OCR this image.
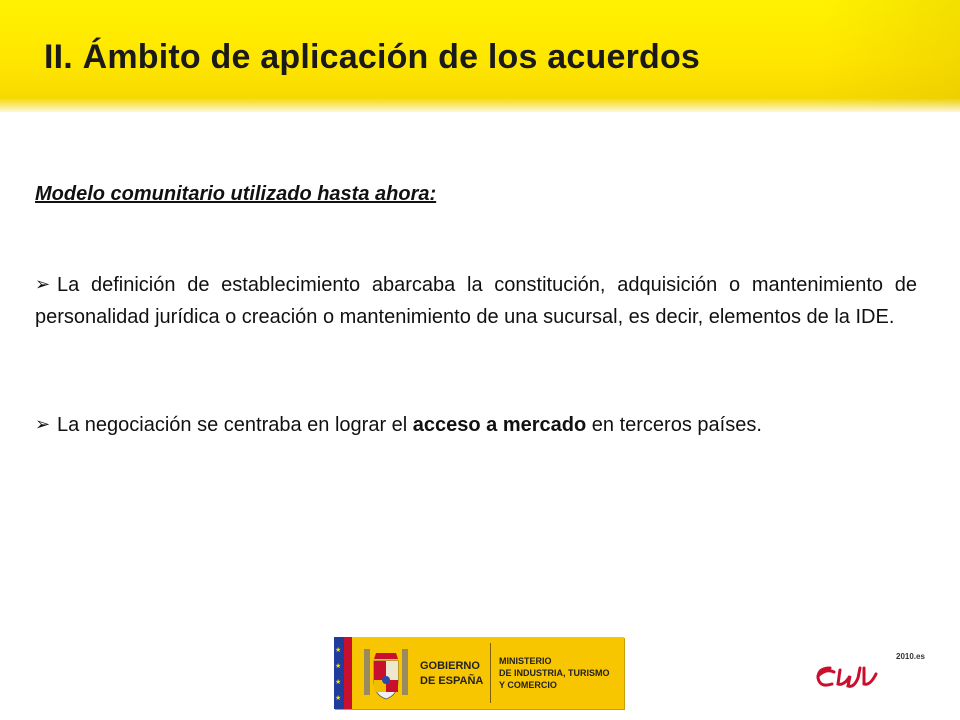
II. Ámbito de aplicación de los acuerdos

Modelo comunitario utilizado hasta ahora:

➢ La definición de establecimiento abarcaba la constitución, adquisición o mantenimiento de personalidad jurídica o creación o mantenimiento de una sucursal, es decir, elementos de la IDE.

➢ La negociación se centraba en lograr el acceso a mercado en terceros países.

★
★
★
★

GOBIERNO
DE ESPAÑA

MINISTERIO
DE INDUSTRIA, TURISMO
Y COMERCIO

2010.es
